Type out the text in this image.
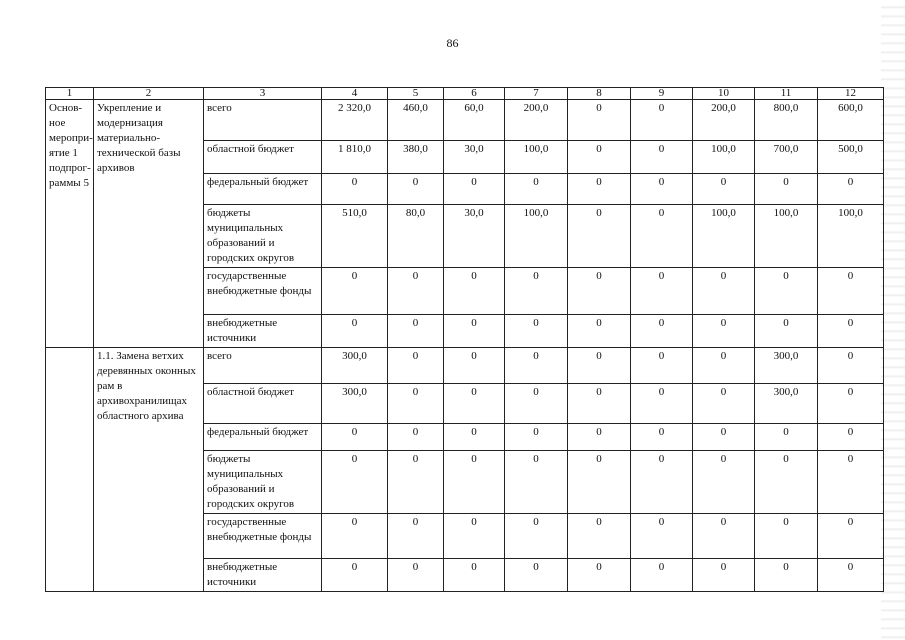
86
1	2	3	4	5	6	7	8	9	10	11	12
Основ-ное меропри-ятие 1 подпрог-раммы 5	Укрепление и модернизация материально-технической базы архивов	всего	2 320,0	460,0	60,0	200,0	0	0	200,0	800,0	600,0
		областной бюджет	1 810,0	380,0	30,0	100,0	0	0	100,0	700,0	500,0
		федеральный бюджет	0	0	0	0	0	0	0	0	0
		бюджеты муниципальных образований и городских округов	510,0	80,0	30,0	100,0	0	0	100,0	100,0	100,0
		государственные внебюджетные фонды	0	0	0	0	0	0	0	0	0
		внебюджетные источники	0	0	0	0	0	0	0	0	0
	1.1. Замена ветхих деревянных оконных рам в архивохранилищах областного архива	всего	300,0	0	0	0	0	0	0	300,0	0
		областной бюджет	300,0	0	0	0	0	0	0	300,0	0
		федеральный бюджет	0	0	0	0	0	0	0	0	0
		бюджеты муниципальных образований и городских округов	0	0	0	0	0	0	0	0	0
		государственные внебюджетные фонды	0	0	0	0	0	0	0	0	0
		внебюджетные источники	0	0	0	0	0	0	0	0	0
